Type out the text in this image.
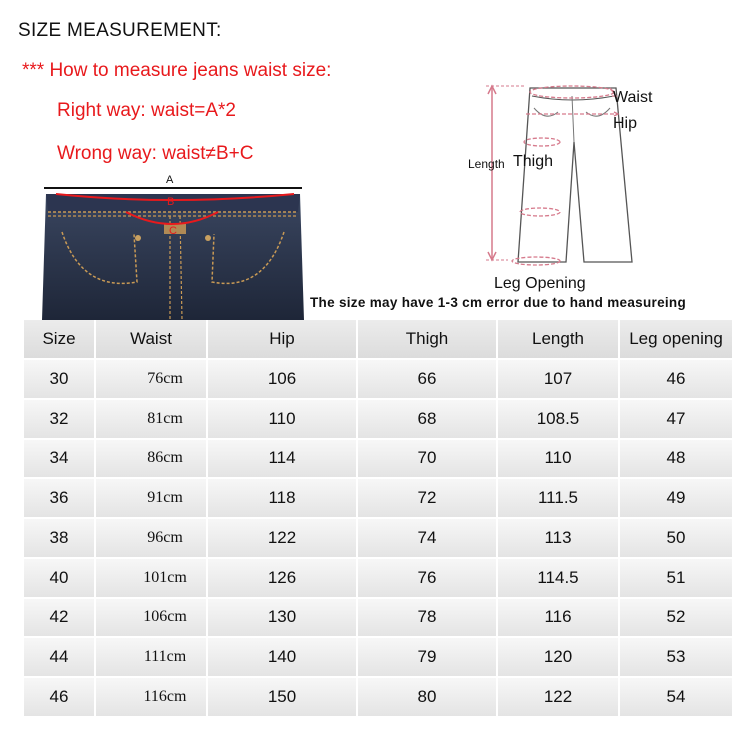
SIZE MEASUREMENT:
*** How to measure jeans waist size:
Right way: waist=A*2
Wrong way: waist≠B+C
A
B
C
Waist
Hip
Length Thigh
Leg Opening
The size may have 1-3 cm error due to hand measureing
Size	Waist	Hip	Thigh	Length	Leg opening
30	76cm	106	66	107	46
32	81cm	110	68	108.5	47
34	86cm	114	70	110	48
36	91cm	118	72	111.5	49
38	96cm	122	74	113	50
40	101cm	126	76	114.5	51
42	106cm	130	78	116	52
44	111cm	140	79	120	53
46	116cm	150	80	122	54
